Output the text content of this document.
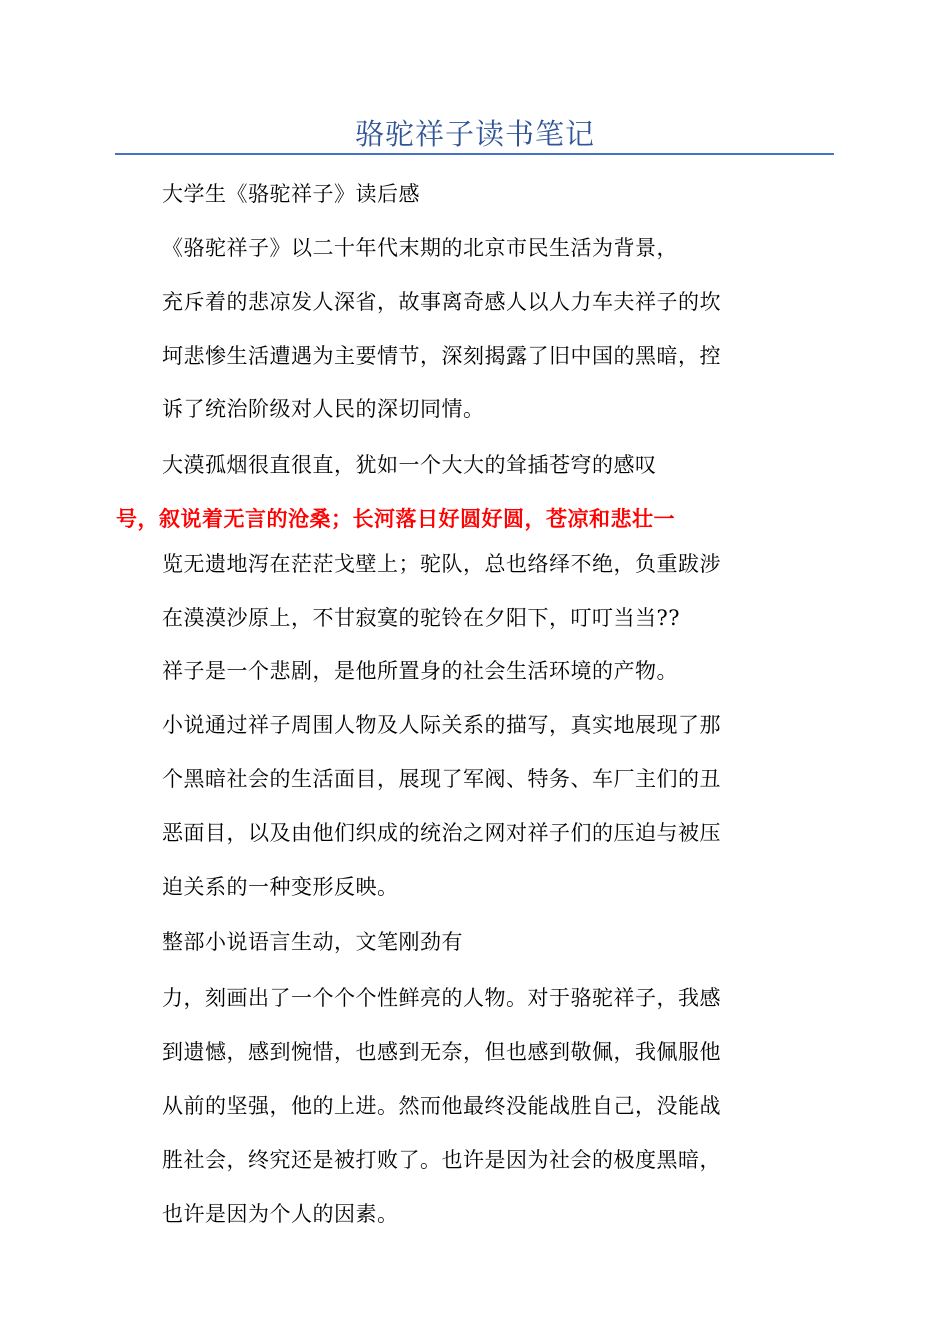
骆驼祥子读书笔记
大学生《骆驼祥子》读后感
《骆驼祥子》以二十年代末期的北京市民生活为背景，
充斥着的悲凉发人深省，故事离奇感人以人力车夫祥子的坎
坷悲惨生活遭遇为主要情节，深刻揭露了旧中国的黑暗，控
诉了统治阶级对人民的深切同情。
大漠孤烟很直很直，犹如一个大大的耸插苍穹的感叹
号，叙说着无言的沧桑；长河落日好圆好圆，苍凉和悲壮一
览无遗地泻在茫茫戈壁上；驼队，总也络绎不绝，负重跋涉
在漠漠沙原上，不甘寂寞的驼铃在夕阳下，叮叮当当??
祥子是一个悲剧，是他所置身的社会生活环境的产物。
小说通过祥子周围人物及人际关系的描写，真实地展现了那
个黑暗社会的生活面目，展现了军阀、特务、车厂主们的丑
恶面目，以及由他们织成的统治之网对祥子们的压迫与被压
迫关系的一种变形反映。
整部小说语言生动，文笔刚劲有
力，刻画出了一个个个性鲜亮的人物。对于骆驼祥子，我感
到遗憾，感到惋惜，也感到无奈，但也感到敬佩，我佩服他
从前的坚强，他的上进。然而他最终没能战胜自己，没能战
胜社会，终究还是被打败了。也许是因为社会的极度黑暗，
也许是因为个人的因素。
